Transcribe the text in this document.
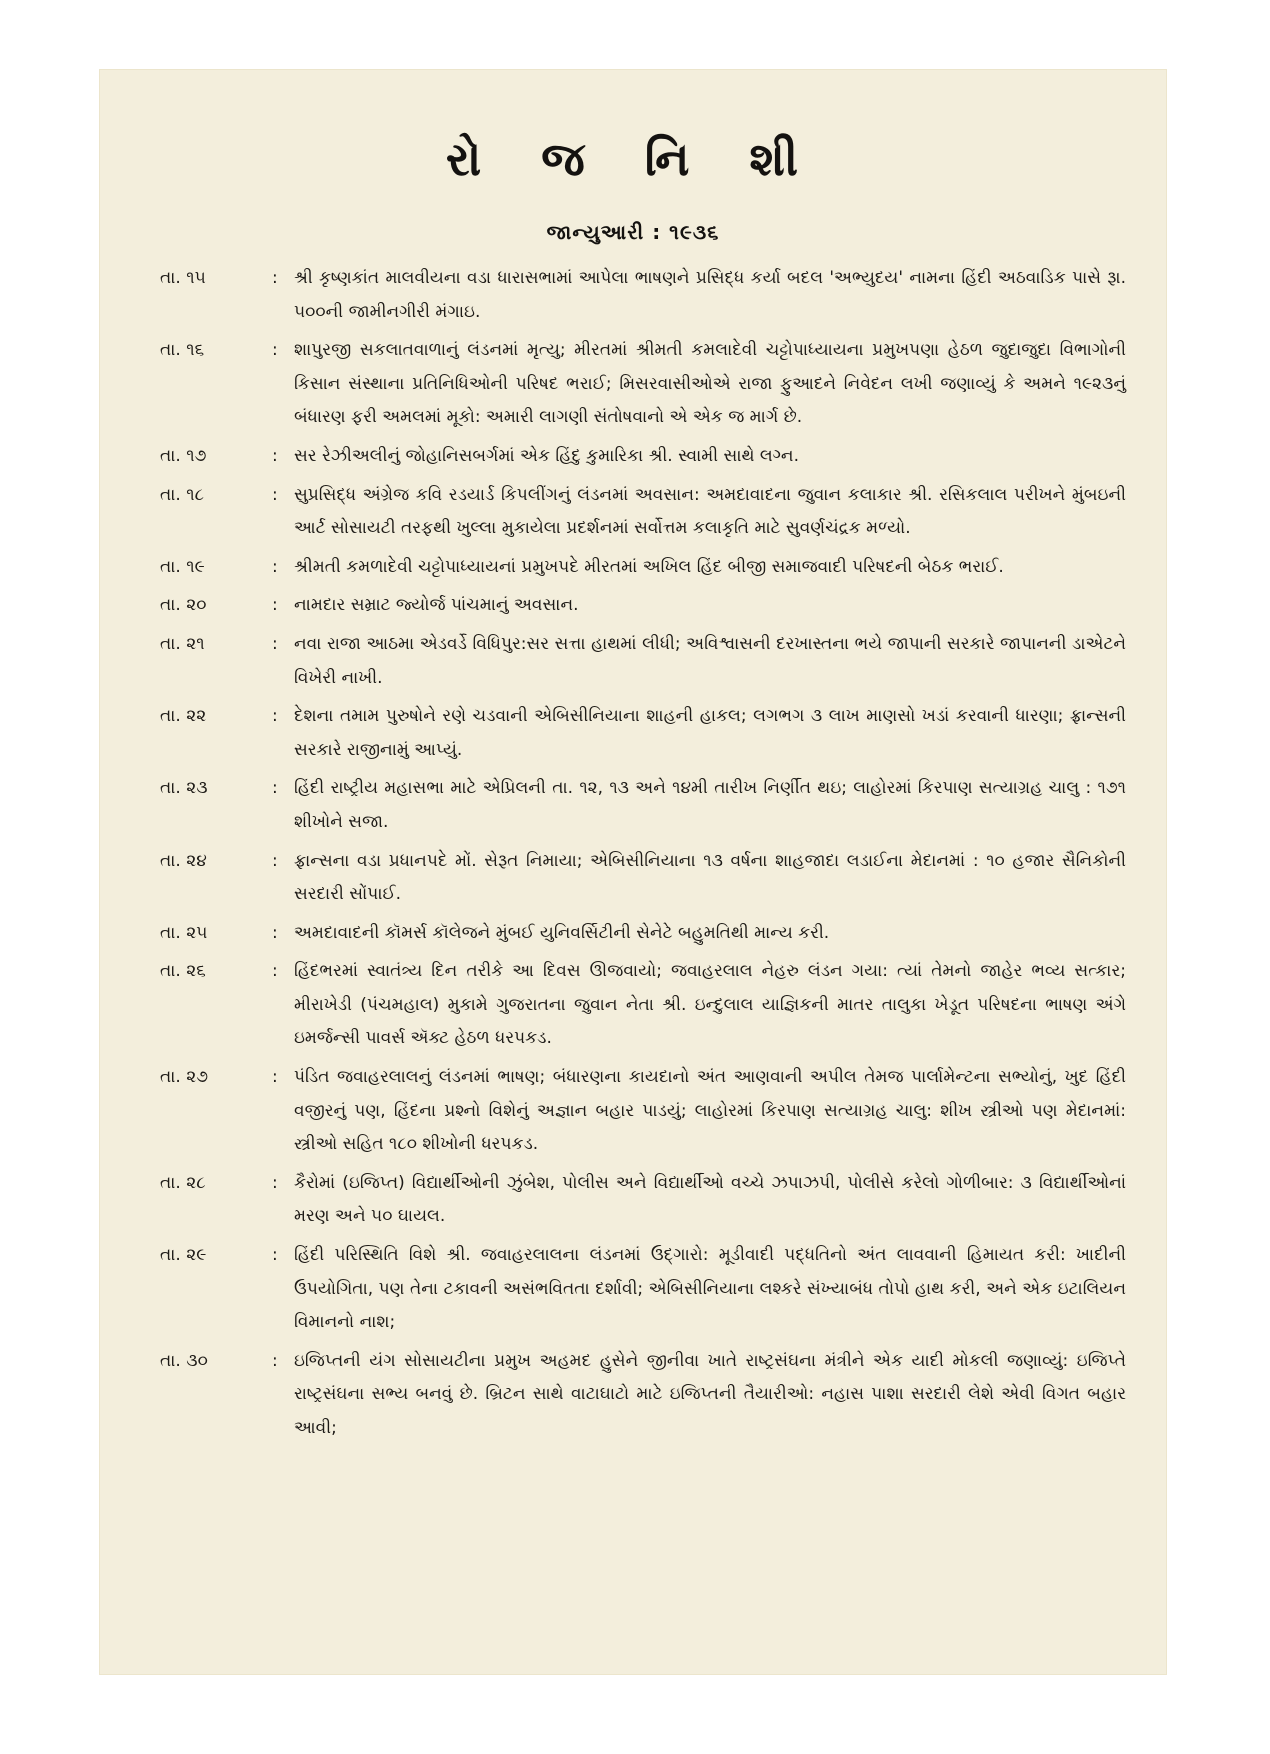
રો જ નિ શી
જાન્યુઆરી : ૧૯૩૬
તા. ૧૫	: શ્રી કૃષ્ણકાંત માલવીયના વડા ધારાસભામાં આપેલા ભાષણને પ્રસિદ્ધ કર્યા બદલ 'અભ્યુદય' નામના હિંદી અઠવાડિક પાસે રૂા. ૫૦૦ની જામીનગીરી મંગાઇ.
તા. ૧૬	: શાપુરજી સકલાતવાળાનું લંડનમાં મૃત્યુ; મીરતમાં શ્રીમતી કમલાદેવી ચટ્ટોપાધ્યાયના પ્રમુખપણા હેઠળ જુદાજુદા વિભાગોની કિસાન સંસ્થાના પ્રતિનિધિઓની પરિષદ ભરાઈ; મિસરવાસીઓએ રાજા ફુઆદને નિવેદન લખી જણાવ્યું કે અમને ૧૯૨૩નું બંધારણ ફરી અમલમાં મૂકો: અમારી લાગણી સંતોષવાનો એ એક જ માર્ગ છે.
તા. ૧૭	: સર રેઝીઅલીનું જોહાનિસબર્ગમાં એક હિંદુ કુમારિકા શ્રી. સ્વામી સાથે લગ્ન.
તા. ૧૮	: સુપ્રસિદ્ધ અંગ્રેજ કવિ રડયાર્ડ કિપલીંગનું લંડનમાં અવસાન: અમદાવાદના જુવાન કલાકાર શ્રી. રસિકલાલ પરીખને મુંબઇની આર્ટ સોસાયટી તરફથી ખુલ્લા મુકાયેલા પ્રદર્શનમાં સર્વોત્તમ કલાકૃતિ માટે સુવર્ણચંદ્રક મળ્યો.
તા. ૧૯	: શ્રીમતી કમળાદેવી ચટ્ટોપાધ્યાયનાં પ્રમુખપદે મીરતમાં અખિલ હિંદ બીજી સમાજવાદી પરિષદની બેઠક ભરાઈ.
તા. ૨૦	: નામદાર સમ્રાટ જ્યોર્જ પાંચમાનું અવસાન.
તા. ૨૧	: નવા રાજા આઠમા એડવર્ડે વિધિપુર:સર સત્તા હાથમાં લીધી; અવિશ્વાસની દરખાસ્તના ભયે જાપાની સરકારે જાપાનની ડાએટને વિખેરી નાખી.
તા. ૨૨	: દેશના તમામ પુરુષોને રણે ચડવાની એબિસીનિયાના શાહની હાકલ; લગભગ ૩ લાખ માણસો ખડાં કરવાની ધારણા; ફ્રાન્સની સરકારે રાજીનામું આપ્યું.
તા. ૨૩	: હિંદી રાષ્ટ્રીય મહાસભા માટે એપ્રિલની તા. ૧૨, ૧૩ અને ૧૪મી તારીખ નિર્ણીત થઇ; લાહોરમાં કિરપાણ સત્યાગ્રહ ચાલુ : ૧૭૧ શીખોને સજા.
તા. ૨૪	: ફ્રાન્સના વડા પ્રધાનપદે મોં. સેરૂત નિમાયા; એબિસીનિયાના ૧૩ વર્ષના શાહજાદા લડાઈના મેદાનમાં : ૧૦ હજાર સૈનિકોની સરદારી સોંપાઈ.
તા. ૨૫	: અમદાવાદની કૉમર્સ કૉલેજને મુંબઈ યુનિવર્સિટીની સેનેટે બહુમતિથી માન્ય કરી.
તા. ૨૬	: હિંદભરમાં સ્વાતંત્ર્ય દિન તરીકે આ દિવસ ઊજવાયો; જવાહરલાલ નેહરુ લંડન ગયા: ત્યાં તેમનો જાહેર ભવ્ય સત્કાર; મીરાખેડી (પંચમહાલ) મુકામે ગુજરાતના જુવાન નેતા શ્રી. ઇન્દુલાલ યાજ્ઞિકની માતર તાલુકા ખેડૂત પરિષદના ભાષણ અંગે ઇમર્જન્સી પાવર્સ ઍક્ટ હેઠળ ધરપકડ.
તા. ૨૭	: પંડિત જવાહરલાલનું લંડનમાં ભાષણ; બંધારણના કાયદાનો અંત આણવાની અપીલ તેમજ પાર્લામેન્ટના સભ્યોનું, ખુદ હિંદી વજીરનું પણ, હિંદના પ્રશ્નો વિશેનું અજ્ઞાન બહાર પાડયું; લાહોરમાં કિરપાણ સત્યાગ્રહ ચાલુ: શીખ સ્ત્રીઓ પણ મેદાનમાં: સ્ત્રીઓ સહિત ૧૮૦ શીખોની ધરપકડ.
તા. ૨૮	: કૈરોમાં (ઇજિપ્ત) વિદ્યાર્થીઓની ઝુંબેશ, પોલીસ અને વિદ્યાર્થીઓ વચ્ચે ઝપાઝપી, પોલીસે કરેલો ગોળીબાર: ૩ વિદ્યાર્થીઓનાં મરણ અને ૫૦ ઘાયલ.
તા. ૨૯	: હિંદી પરિસ્થિતિ વિશે શ્રી. જવાહરલાલના લંડનમાં ઉદ્‍ગારો: મૂડીવાદી પદ્ધતિનો અંત લાવવાની હિમાયત કરી: ખાદીની ઉપયોગિતા, પણ તેના ટકાવની અસંભવિતતા દર્શાવી; એબિસીનિયાના લશ્કરે સંખ્યાબંધ તોપો હાથ કરી, અને એક ઇટાલિયન વિમાનનો નાશ;
તા. ૩૦	: ઇજિપ્તની યંગ સોસાયટીના પ્રમુખ અહમદ હુસેને જીનીવા ખાતે રાષ્ટ્રસંઘના મંત્રીને એક યાદી મોકલી જણાવ્યું: ઇજિપ્તે રાષ્ટ્રસંઘના સભ્ય બનવું છે. બ્રિટન સાથે વાટાઘાટો માટે ઇજિપ્તની તૈયારીઓ: નહાસ પાશા સરદારી લેશે એવી વિગત બહાર આવી;
